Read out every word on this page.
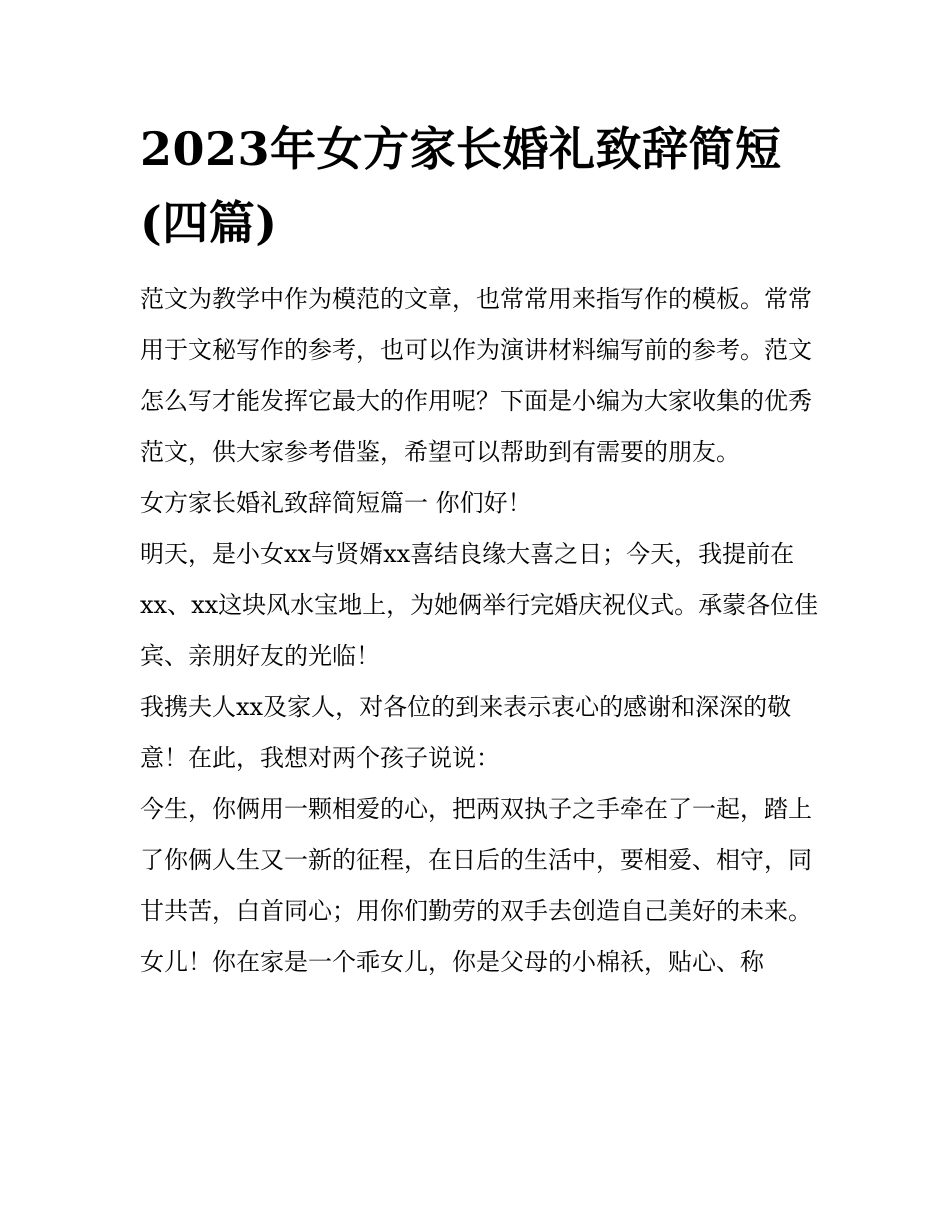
2023年女方家长婚礼致辞简短(四篇)

范文为教学中作为模范的文章，也常常用来指写作的模板。常常用于文秘写作的参考，也可以作为演讲材料编写前的参考。范文怎么写才能发挥它最大的作用呢？下面是小编为大家收集的优秀范文，供大家参考借鉴，希望可以帮助到有需要的朋友。

女方家长婚礼致辞简短篇一 你们好！

明天，是小女xx与贤婿xx喜结良缘大喜之日；今天，我提前在xx、xx这块风水宝地上，为她俩举行完婚庆祝仪式。承蒙各位佳宾、亲朋好友的光临！

我携夫人xx及家人，对各位的到来表示衷心的感谢和深深的敬意！在此，我想对两个孩子说说：

今生，你俩用一颗相爱的心，把两双执子之手牵在了一起，踏上了你俩人生又一新的征程，在日后的生活中，要相爱、相守，同甘共苦，白首同心；用你们勤劳的双手去创造自己美好的未来。

女儿！你在家是一个乖女儿，你是父母的小棉袄，贴心、称
